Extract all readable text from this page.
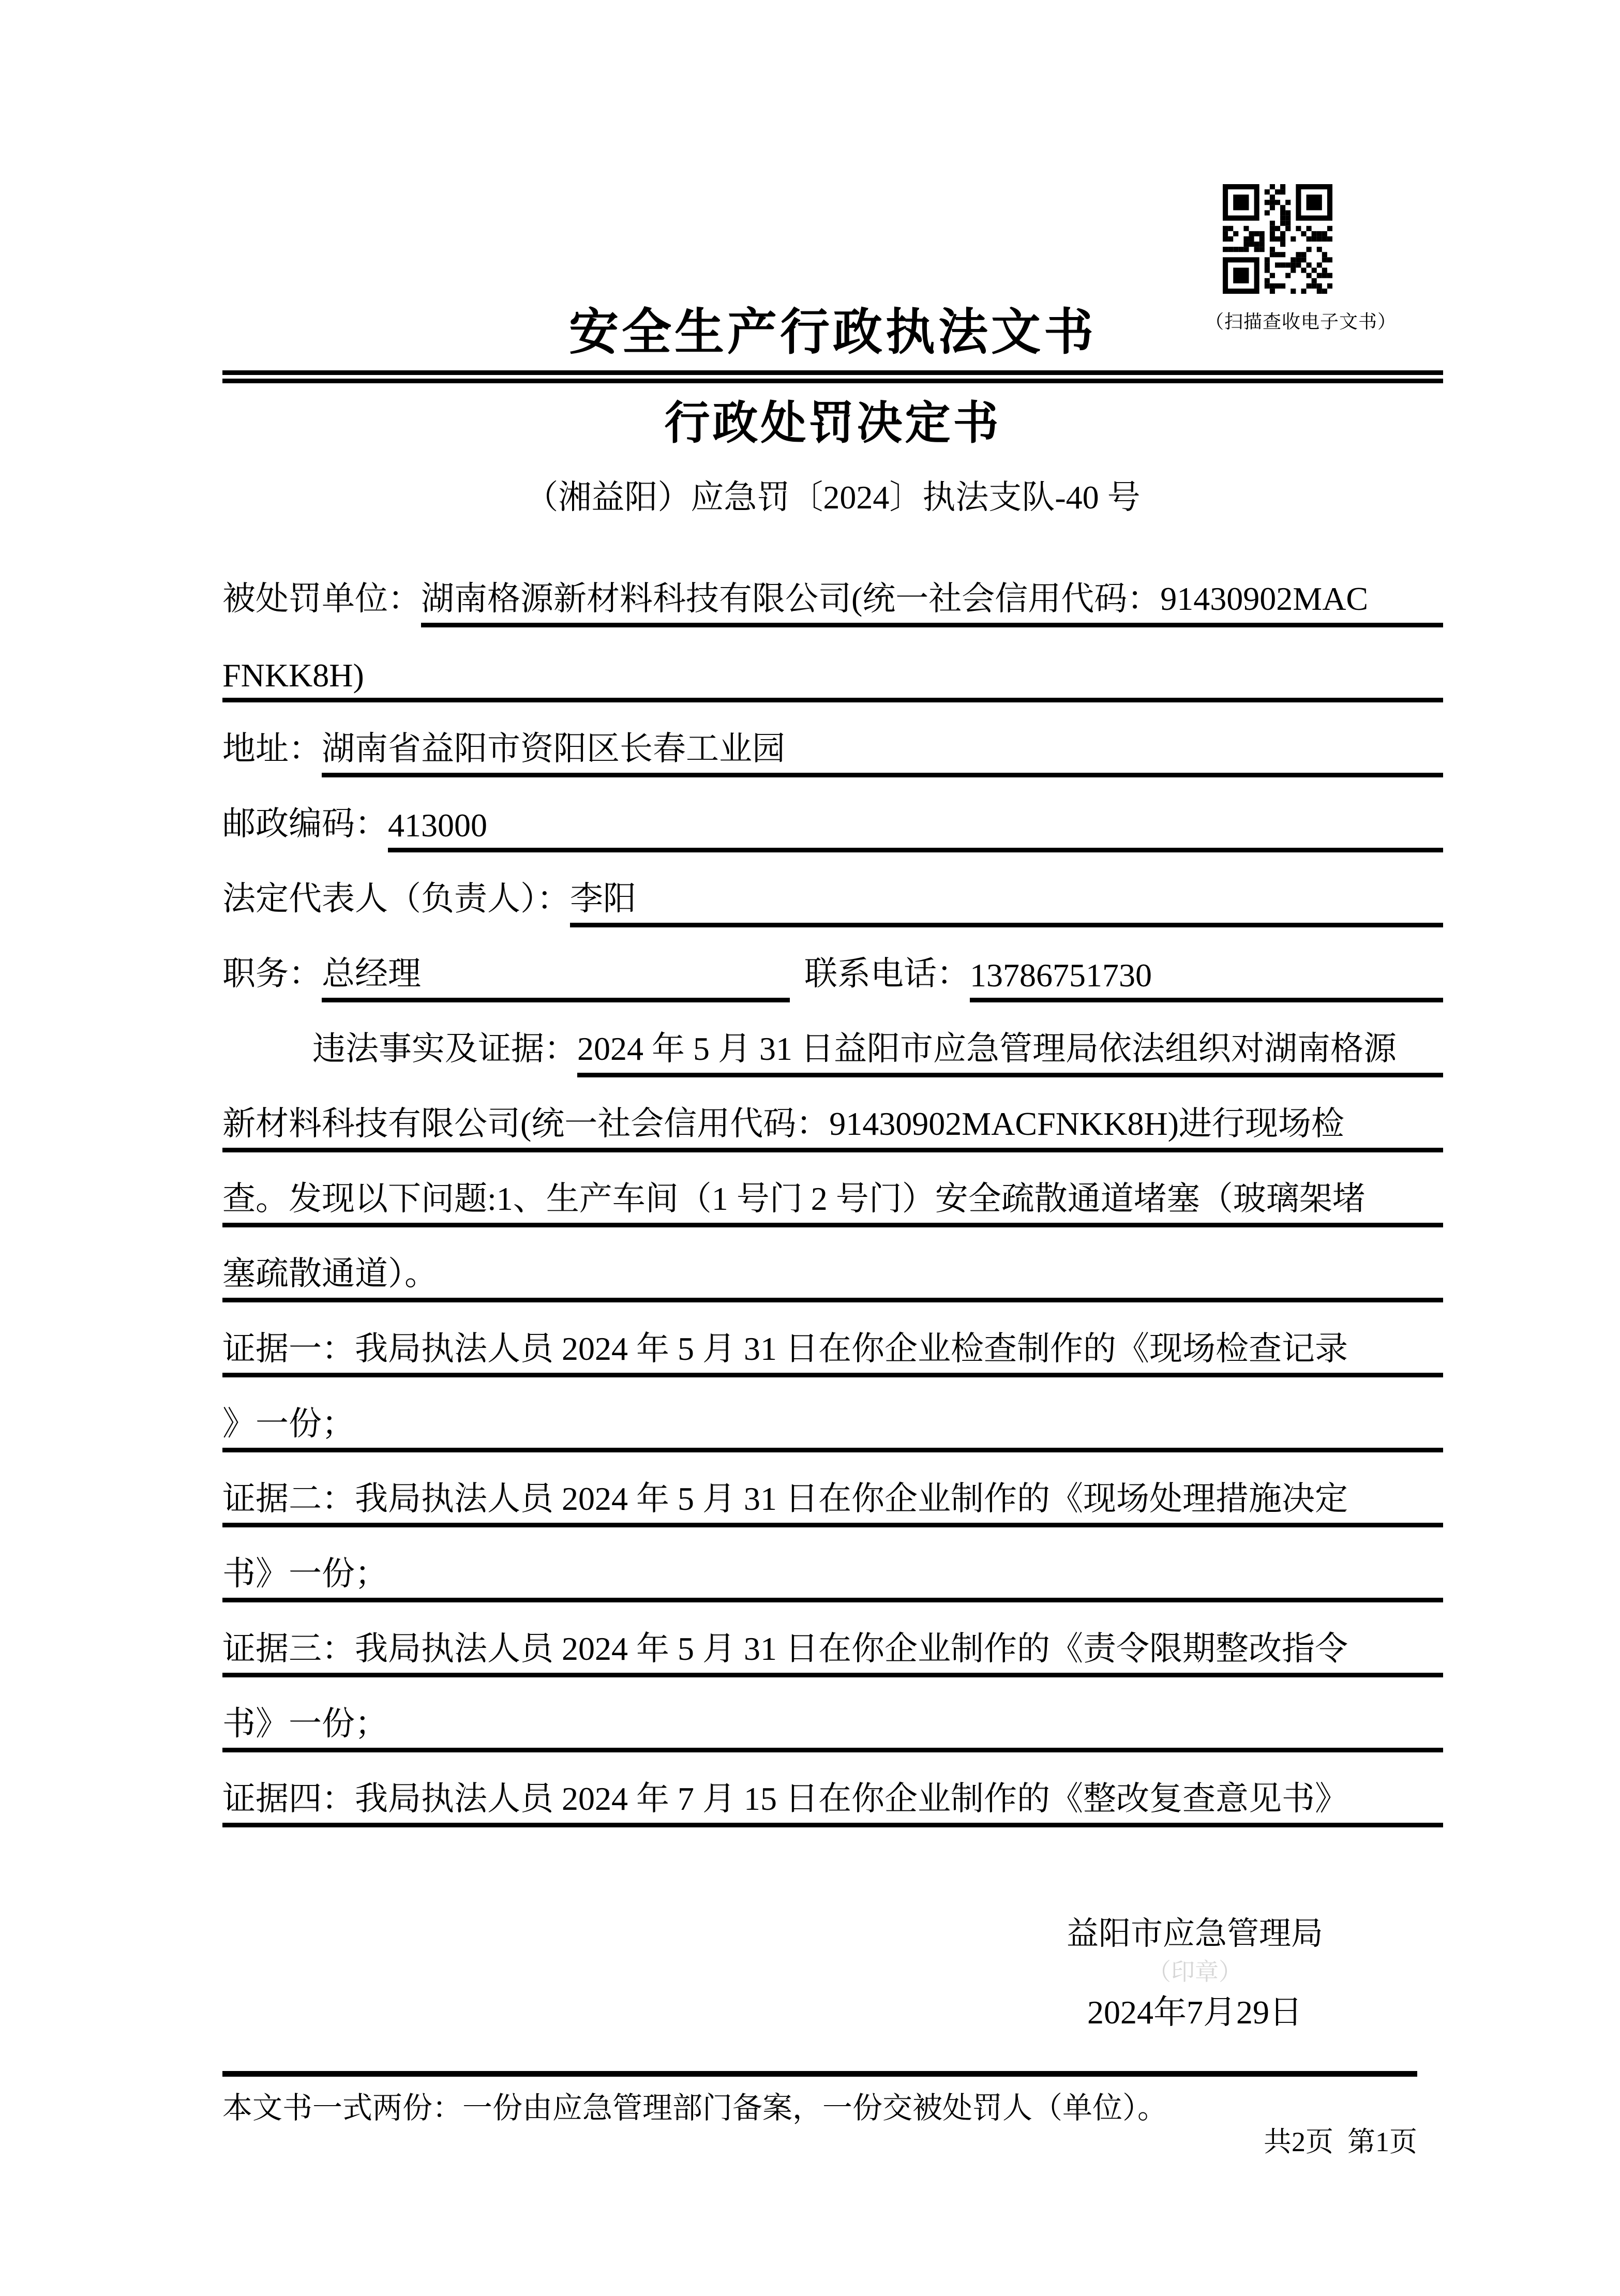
（扫描查收电子文书）
安全生产行政执法文书
行政处罚决定书
（湘益阳）应急罚〔2024〕执法支队-40 号
被处罚单位： 湖南格源新材料科技有限公司(统一社会信用代码：91430902MAC
FNKK8H)
地址： 湖南省益阳市资阳区长春工业园
邮政编码： 413000
法定代表人（负责人）： 李阳
职务： 总经理	联系电话： 13786751730
违法事实及证据： 2024 年 5 月 31 日益阳市应急管理局依法组织对湖南格源
新材料科技有限公司(统一社会信用代码：91430902MACFNKK8H)进行现场检
查。发现以下问题:1、生产车间（1 号门 2 号门）安全疏散通道堵塞（玻璃架堵
塞疏散通道）。
证据一：我局执法人员 2024 年 5 月 31 日在你企业检查制作的《现场检查记录
》一份；
证据二：我局执法人员 2024 年 5 月 31 日在你企业制作的《现场处理措施决定
书》一份；
证据三：我局执法人员 2024 年 5 月 31 日在你企业制作的《责令限期整改指令
书》一份；
证据四：我局执法人员 2024 年 7 月 15 日在你企业制作的《整改复查意见书》
益阳市应急管理局
（印章）
2024年7月29日
本文书一式两份：一份由应急管理部门备案，一份交被处罚人（单位）。
共2页  第1页
